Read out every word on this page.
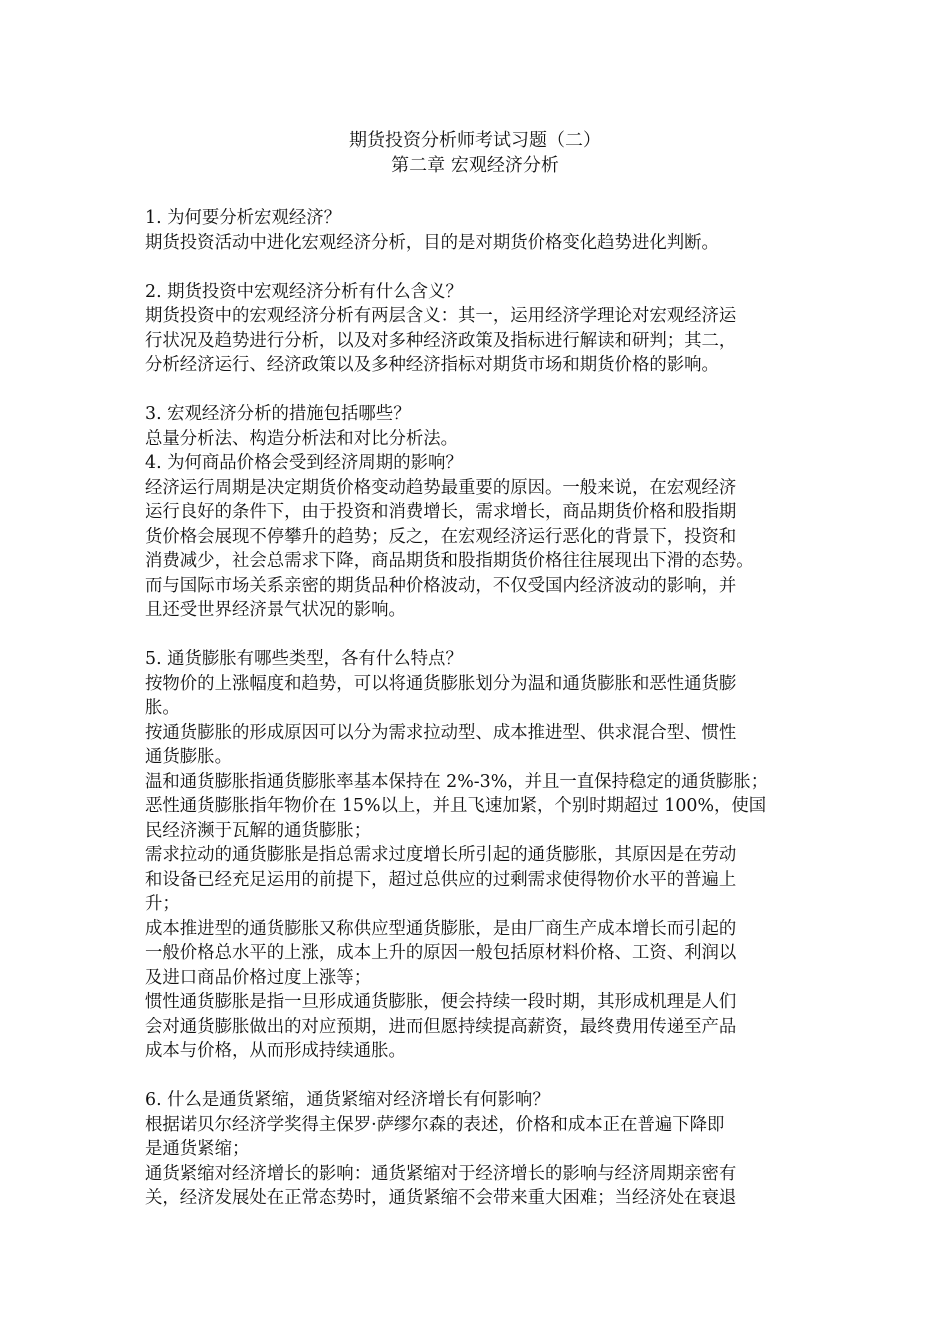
期货投资分析师考试习题（二）
第二章 宏观经济分析
1. 为何要分析宏观经济？
期货投资活动中进化宏观经济分析，目的是对期货价格变化趋势进化判断。
2. 期货投资中宏观经济分析有什么含义？
期货投资中的宏观经济分析有两层含义：其一，运用经济学理论对宏观经济运
行状况及趋势进行分析，以及对多种经济政策及指标进行解读和研判；其二，
分析经济运行、经济政策以及多种经济指标对期货市场和期货价格的影响。
3. 宏观经济分析的措施包括哪些？
总量分析法、构造分析法和对比分析法。
4. 为何商品价格会受到经济周期的影响？
经济运行周期是决定期货价格变动趋势最重要的原因。一般来说，在宏观经济
运行良好的条件下，由于投资和消费增长，需求增长，商品期货价格和股指期
货价格会展现不停攀升的趋势；反之，在宏观经济运行恶化的背景下，投资和
消费减少，社会总需求下降，商品期货和股指期货价格往往展现出下滑的态势。
而与国际市场关系亲密的期货品种价格波动，不仅受国内经济波动的影响，并
且还受世界经济景气状况的影响。
5. 通货膨胀有哪些类型，各有什么特点？
按物价的上涨幅度和趋势，可以将通货膨胀划分为温和通货膨胀和恶性通货膨
胀。
按通货膨胀的形成原因可以分为需求拉动型、成本推进型、供求混合型、惯性
通货膨胀。
温和通货膨胀指通货膨胀率基本保持在 2%-3%，并且一直保持稳定的通货膨胀；
恶性通货膨胀指年物价在 15%以上，并且飞速加紧，个别时期超过 100%，使国
民经济濒于瓦解的通货膨胀；
需求拉动的通货膨胀是指总需求过度增长所引起的通货膨胀，其原因是在劳动
和设备已经充足运用的前提下，超过总供应的过剩需求使得物价水平的普遍上
升；
成本推进型的通货膨胀又称供应型通货膨胀，是由厂商生产成本增长而引起的
一般价格总水平的上涨，成本上升的原因一般包括原材料价格、工资、利润以
及进口商品价格过度上涨等；
惯性通货膨胀是指一旦形成通货膨胀，便会持续一段时期，其形成机理是人们
会对通货膨胀做出的对应预期，进而但愿持续提高薪资，最终费用传递至产品
成本与价格，从而形成持续通胀。
6. 什么是通货紧缩，通货紧缩对经济增长有何影响？
根据诺贝尔经济学奖得主保罗·萨缪尔森的表述，价格和成本正在普遍下降即
是通货紧缩；
通货紧缩对经济增长的影响：通货紧缩对于经济增长的影响与经济周期亲密有
关，经济发展处在正常态势时，通货紧缩不会带来重大困难；当经济处在衰退
